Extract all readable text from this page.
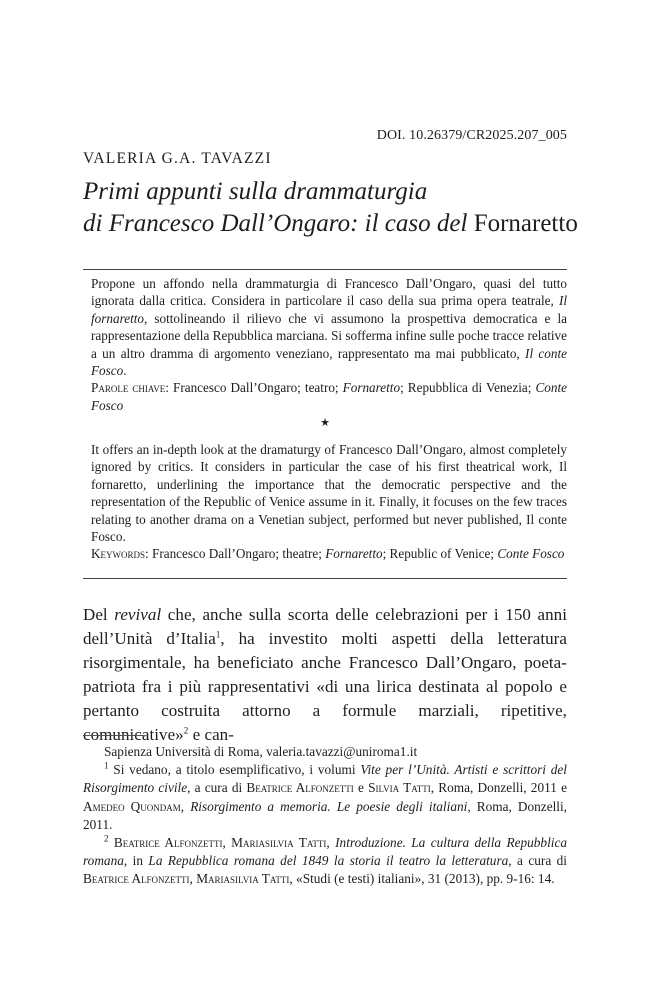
DOI. 10.26379/CR2025.207_005
VALERIA G.A. TAVAZZI
Primi appunti sulla drammaturgia
di Francesco Dall’Ongaro: il caso del Fornaretto

Propone un affondo nella drammaturgia di Francesco Dall’Ongaro, quasi del tutto ignorata dalla critica. Considera in particolare il caso della sua prima opera teatrale, Il fornaretto, sottolineando il rilievo che vi assumono la prospettiva democratica e la rappresentazione della Repubblica marciana. Si sofferma infine sulle poche tracce relative a un altro dramma di argomento veneziano, rappresentato ma mai pubblicato, Il conte Fosco.

Parole chiave: Francesco Dall’Ongaro; teatro; Fornaretto; Repubblica di Venezia; Conte Fosco

★

It offers an in-depth look at the dramaturgy of Francesco Dall’Ongaro, almost completely ignored by critics. It considers in particular the case of his first theatrical work, Il fornaretto, underlining the importance that the democratic perspective and the representation of the Republic of Venice assume in it. Finally, it focuses on the few traces relating to another drama on a Venetian subject, performed but never published, Il conte Fosco.

Keywords: Francesco Dall’Ongaro; theatre; Fornaretto; Republic of Venice; Conte Fosco

Del revival che, anche sulla scorta delle celebrazioni per i 150 anni dell’Unità d’Italia$^1$, ha investito molti aspetti della letteratura risorgimentale, ha beneficiato anche Francesco Dall’Ongaro, poeta-patriota fra i più rappresentativi «di una lirica destinata al popolo e pertanto costruita attorno a formule marziali, ripetitive, comunicative»$^2$ e can-

Sapienza Università di Roma, valeria.tavazzi@uniroma1.it

$^1$ Si vedano, a titolo esemplificativo, i volumi Vite per l’Unità. Artisti e scrittori del Risorgimento civile, a cura di Beatrice Alfonzetti e Silvia Tatti, Roma, Donzelli, 2011 e Amedeo Quondam, Risorgimento a memoria. Le poesie degli italiani, Roma, Donzelli, 2011.

$^2$ Beatrice Alfonzetti, Mariasilvia Tatti, Introduzione. La cultura della Repubblica romana, in La Repubblica romana del 1849 la storia il teatro la letteratura, a cura di Beatrice Alfonzetti, Mariasilvia Tatti, «Studi (e testi) italiani», 31 (2013), pp. 9-16: 14.
